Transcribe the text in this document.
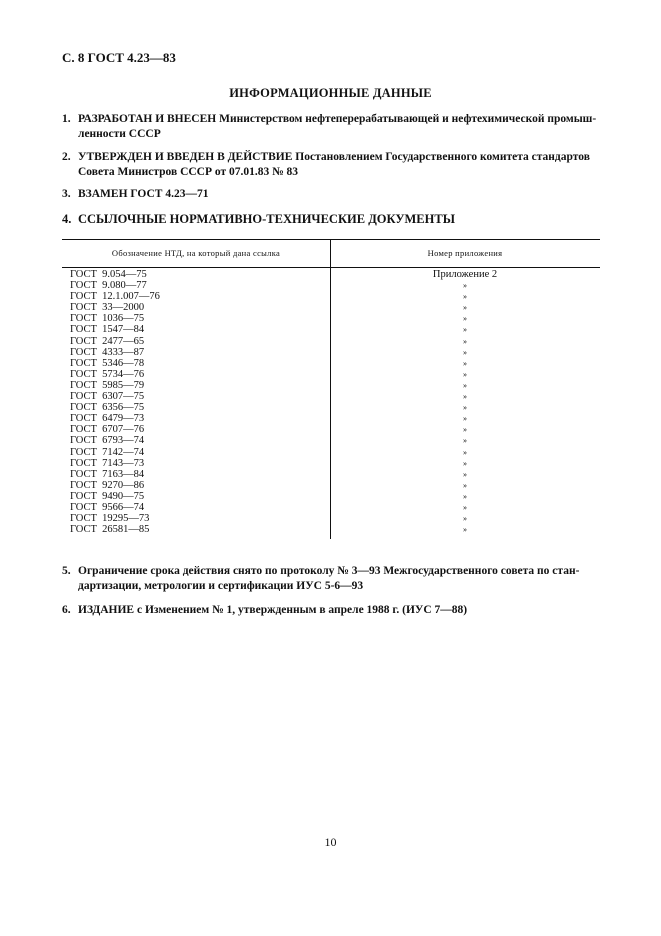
С. 8 ГОСТ 4.23—83
ИНФОРМАЦИОННЫЕ ДАННЫЕ
1. РАЗРАБОТАН И ВНЕСЕН Министерством нефтеперерабатывающей и нефтехимической промыш-
ленности СССР
2. УТВЕРЖДЕН И ВВЕДЕН В ДЕЙСТВИЕ Постановлением Государственного комитета стандартов
Совета Министров СССР от 07.01.83 № 83
3. ВЗАМЕН ГОСТ 4.23—71
4. ССЫЛОЧНЫЕ НОРМАТИВНО-ТЕХНИЧЕСКИЕ ДОКУМЕНТЫ
Обозначение НТД, на который дана ссылка	Номер приложения
ГОСТ  9.054—75	Приложение 2
ГОСТ  9.080—77	»
ГОСТ  12.1.007—76	»
ГОСТ  33—2000	»
ГОСТ  1036—75	»
ГОСТ  1547—84	»
ГОСТ  2477—65	»
ГОСТ  4333—87	»
ГОСТ  5346—78	»
ГОСТ  5734—76	»
ГОСТ  5985—79	»
ГОСТ  6307—75	»
ГОСТ  6356—75	»
ГОСТ  6479—73	»
ГОСТ  6707—76	»
ГОСТ  6793—74	»
ГОСТ  7142—74	»
ГОСТ  7143—73	»
ГОСТ  7163—84	»
ГОСТ  9270—86	»
ГОСТ  9490—75	»
ГОСТ  9566—74	»
ГОСТ  19295—73	»
ГОСТ  26581—85	»
5. Ограничение срока действия снято по протоколу № 3—93 Межгосударственного совета по стан-
дартизации, метрологии и сертификации ИУС 5-6—93
6. ИЗДАНИЕ с Изменением № 1, утвержденным в апреле 1988 г. (ИУС 7—88)
10
